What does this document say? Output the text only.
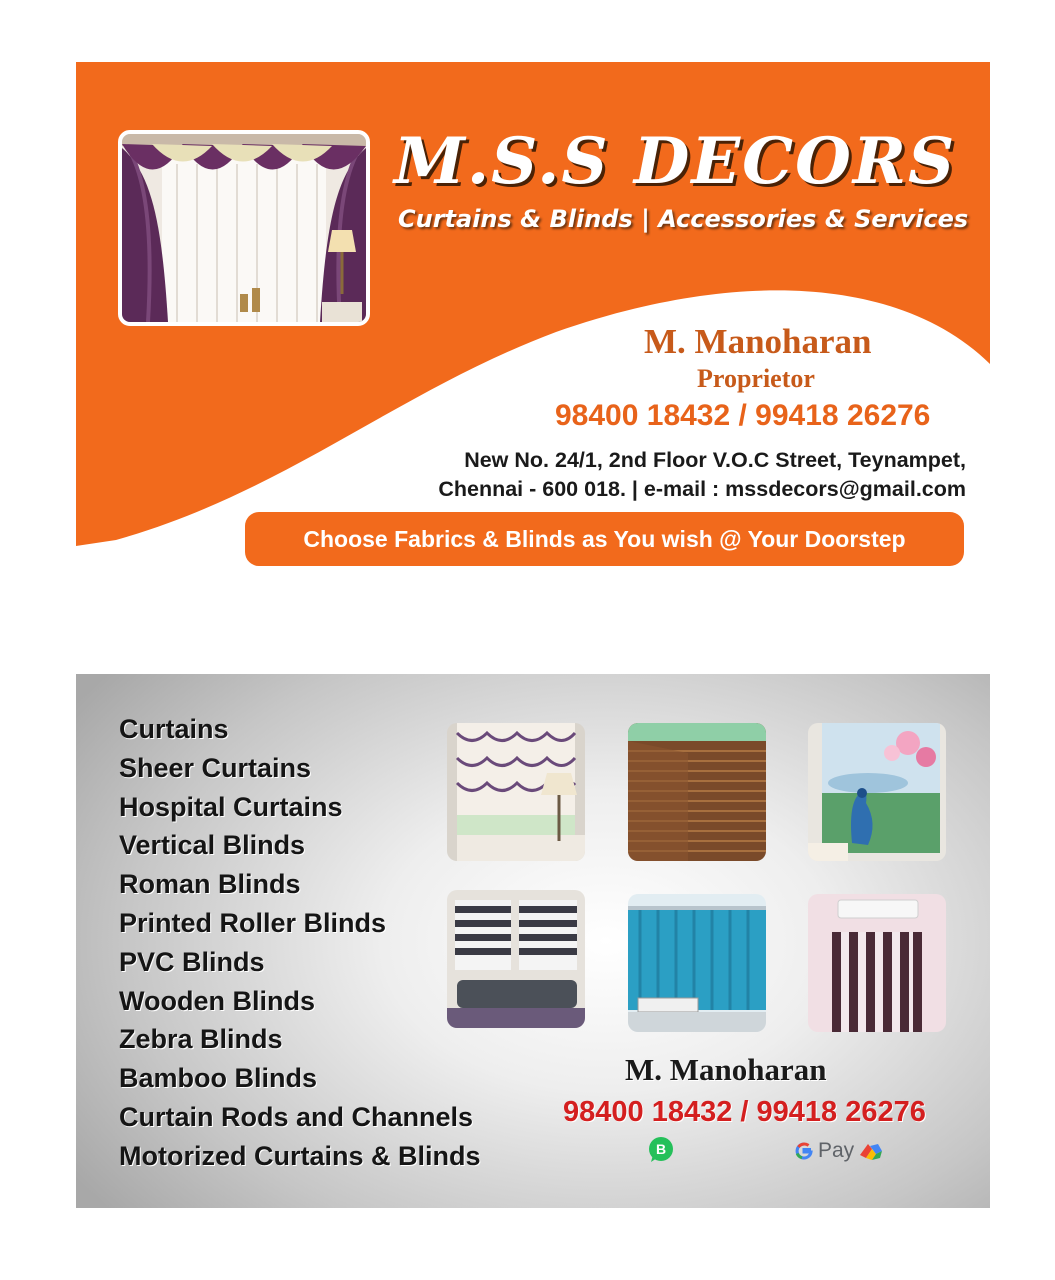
M.S.S DECORS
Curtains & Blinds | Accessories & Services
M. Manoharan
Proprietor
98400 18432 / 99418 26276
New No. 24/1, 2nd Floor V.O.C Street, Teynampet,
Chennai - 600 018. | e-mail : mssdecors@gmail.com
Choose Fabrics & Blinds as You wish @ Your Doorstep
Curtains
Sheer Curtains
Hospital Curtains
Vertical Blinds
Roman Blinds
Printed Roller Blinds
PVC Blinds
Wooden Blinds
Zebra Blinds
Bamboo Blinds
Curtain Rods and Channels
Motorized Curtains & Blinds
M. Manoharan
98400 18432 / 99418 26276
B	Pay
